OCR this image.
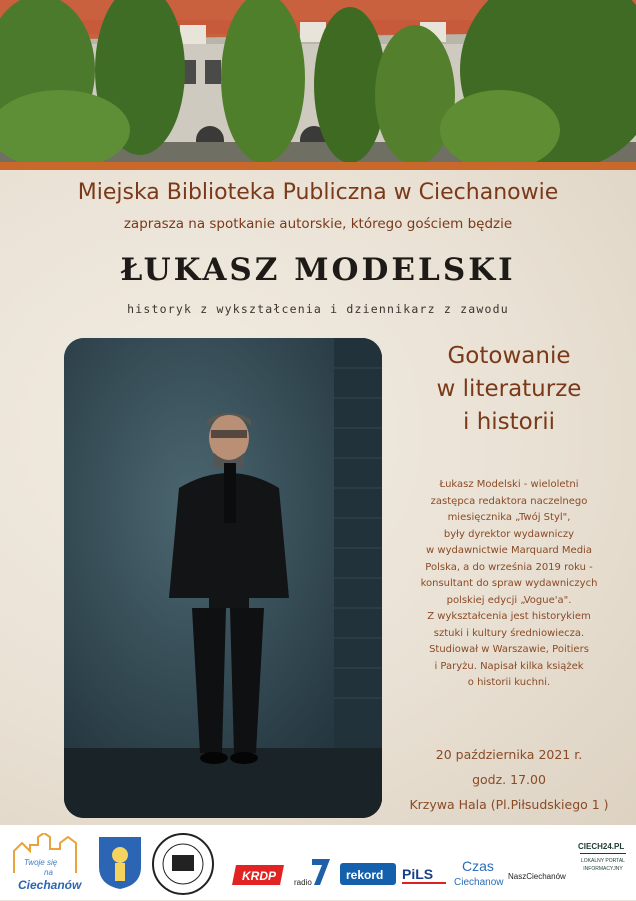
Miejska Biblioteka Publiczna w Ciechanowie
zaprasza na spotkanie autorskie, którego gościem będzie
ŁUKASZ MODELSKI
historyk z wykształcenia i dziennikarz z zawodu
Gotowanie
w literaturze
i historii
Łukasz Modelski - wieloletni
zastępca redaktora naczelnego
miesięcznika „Twój Styl",
były dyrektor wydawniczy
w wydawnictwie Marquard Media
Polska, a do września 2019 roku -
konsultant do spraw wydawniczych
polskiej edycji „Vogue'a".
Z wykształcenia jest historykiem
sztuki i kultury średniowiecza.
Studiował w Warszawie, Poitiers
i Paryżu. Napisał kilka książek
o historii kuchni.
20 października 2021 r.
godz. 17.00
Krzywa Hala (Pl.Piłsudskiego 1 )
Twoje się
na
Ciechanów
KRDP radio
rekord PiLS Czas
Ciechanowa
NaszCiechanów
CIECH24.PL
LOKALNY PORTAL INFORMACYJNY
